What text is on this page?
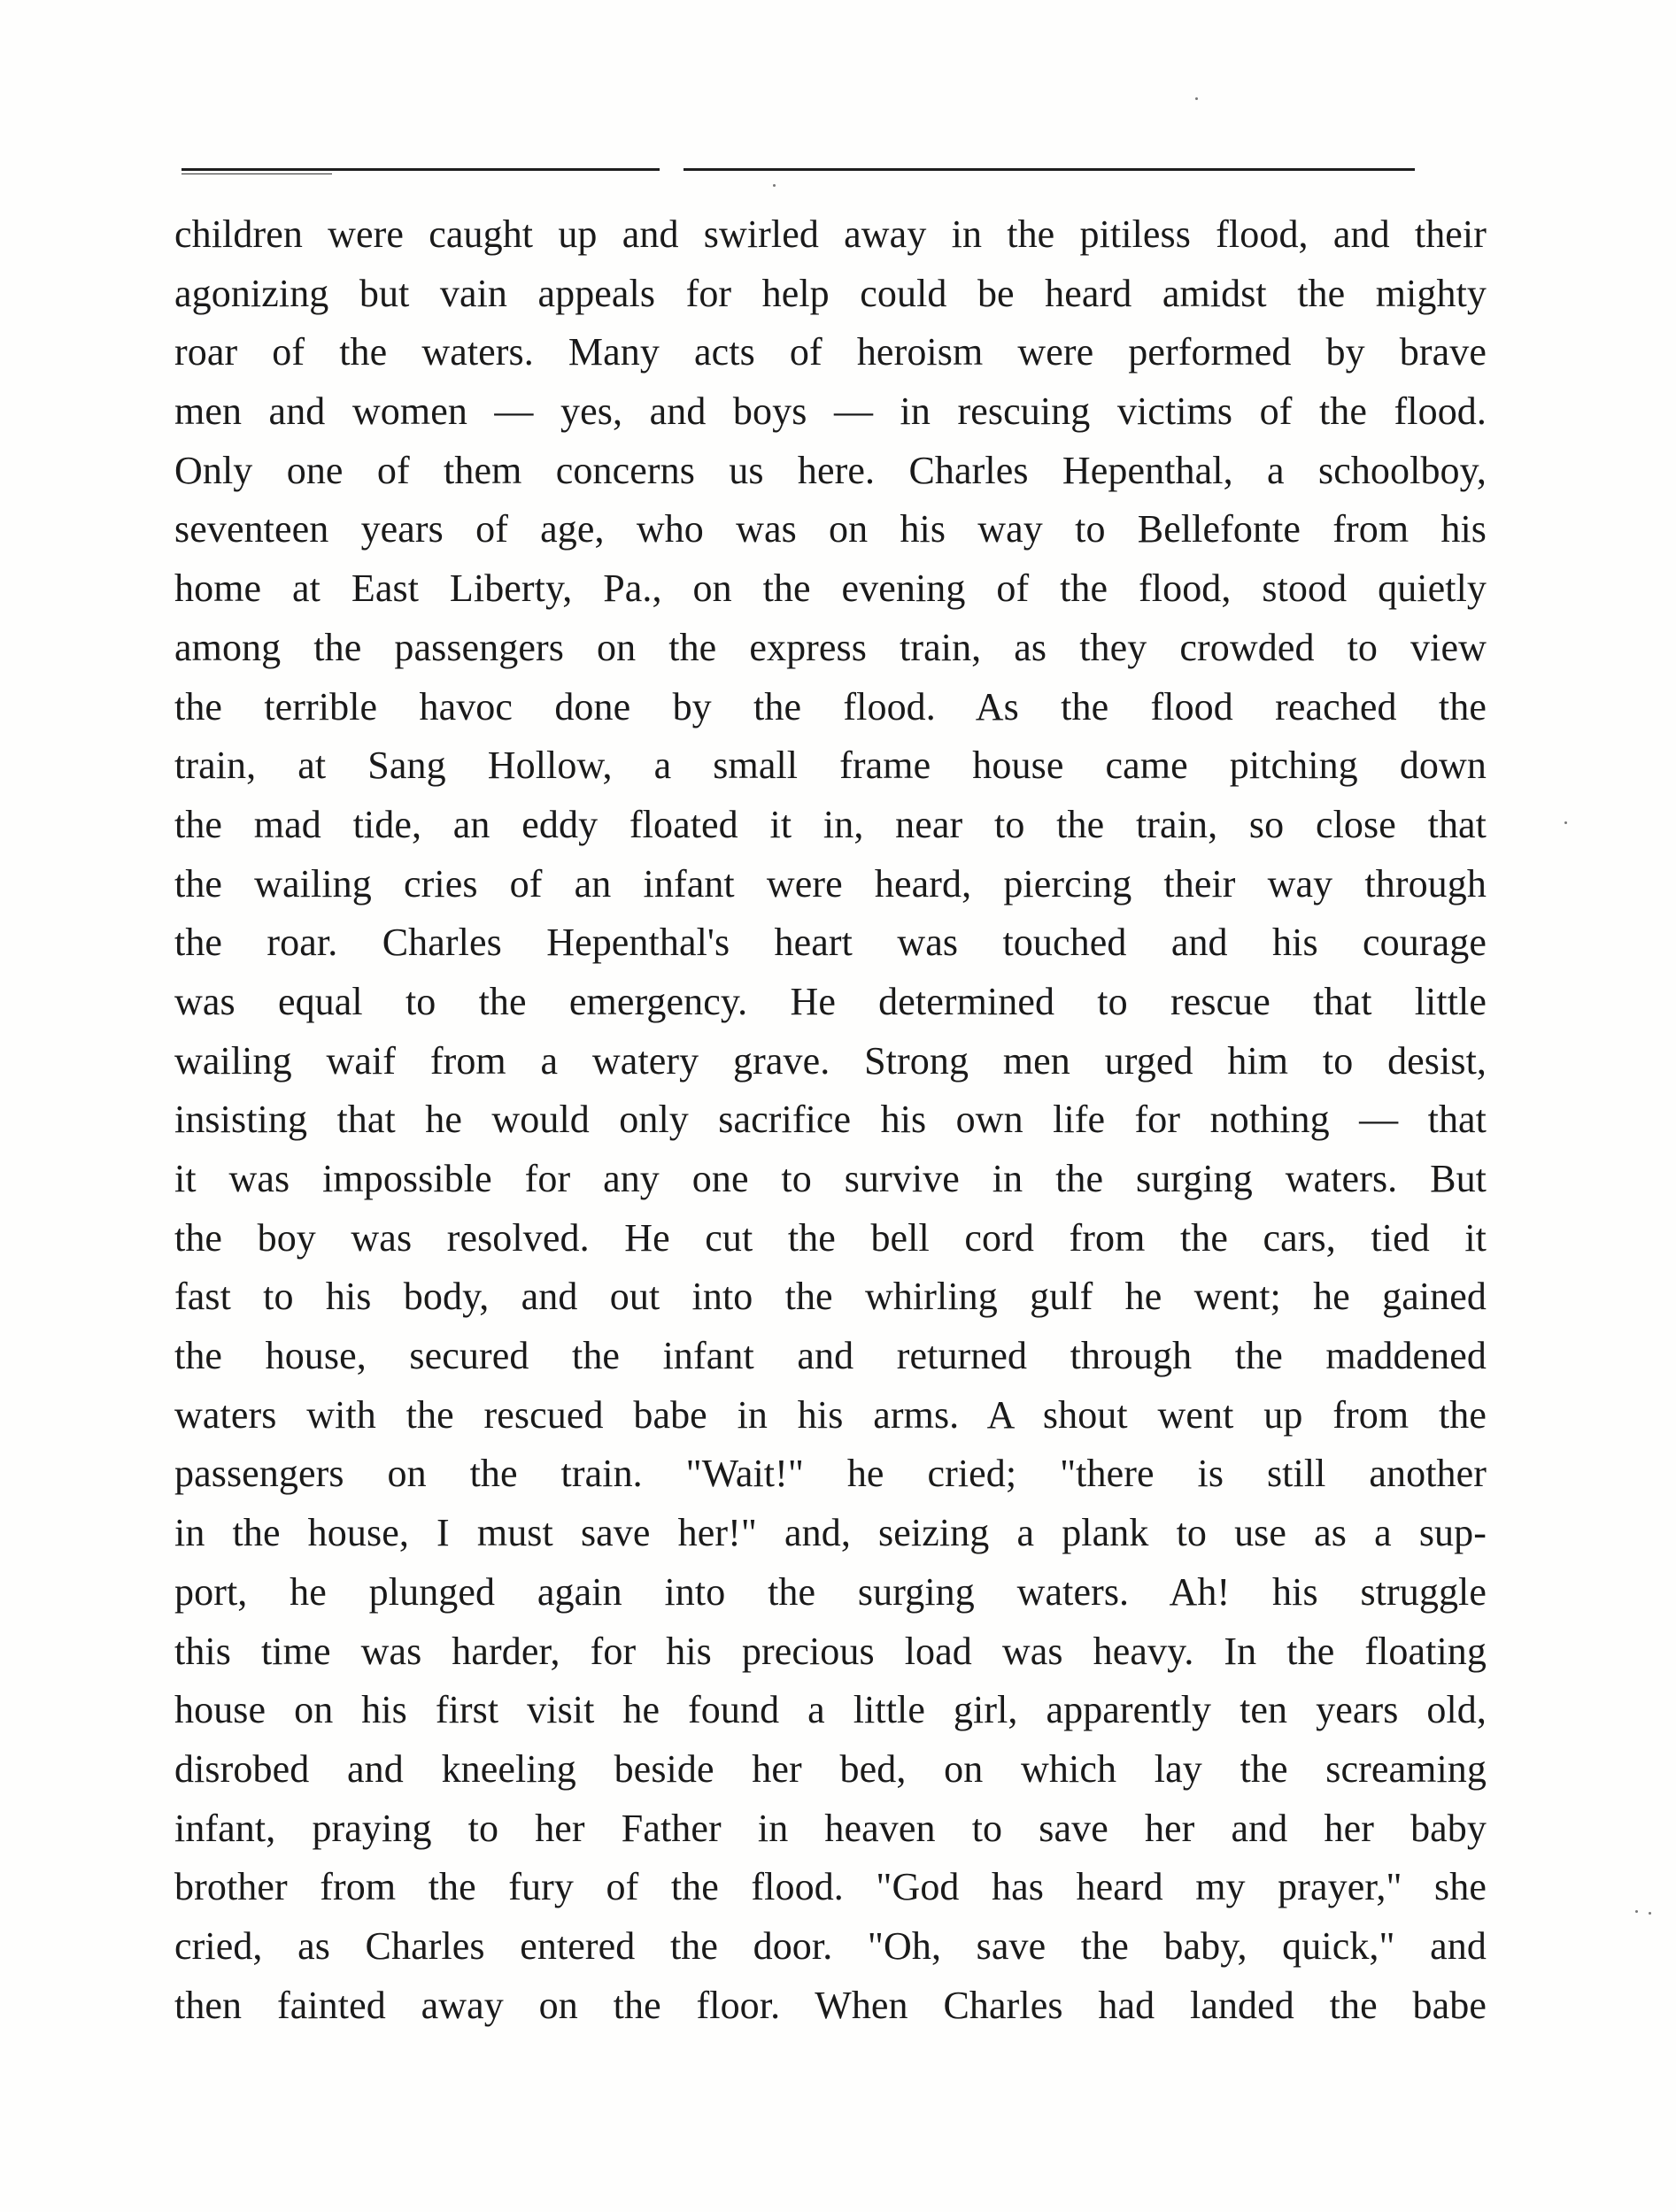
children were caught up and swirled away in the pitiless flood, and their
agonizing but vain appeals for help could be heard amidst the mighty
roar of the waters. Many acts of heroism were performed by brave
men and women — yes, and boys — in rescuing victims of the flood.
Only one of them concerns us here. Charles Hepenthal, a schoolboy,
seventeen years of age, who was on his way to Bellefonte from his
home at East Liberty, Pa., on the evening of the flood, stood quietly
among the passengers on the express train, as they crowded to view
the terrible havoc done by the flood. As the flood reached the
train, at Sang Hollow, a small frame house came pitching down
the mad tide, an eddy floated it in, near to the train, so close that
the wailing cries of an infant were heard, piercing their way through
the roar. Charles Hepenthal's heart was touched and his courage
was equal to the emergency. He determined to rescue that little
wailing waif from a watery grave. Strong men urged him to desist,
insisting that he would only sacrifice his own life for nothing — that
it was impossible for any one to survive in the surging waters. But
the boy was resolved. He cut the bell cord from the cars, tied it
fast to his body, and out into the whirling gulf he went; he gained
the house, secured the infant and returned through the maddened
waters with the rescued babe in his arms. A shout went up from the
passengers on the train. "Wait!" he cried; "there is still another
in the house, I must save her!" and, seizing a plank to use as a sup-
port, he plunged again into the surging waters. Ah! his struggle
this time was harder, for his precious load was heavy. In the floating
house on his first visit he found a little girl, apparently ten years old,
disrobed and kneeling beside her bed, on which lay the screaming
infant, praying to her Father in heaven to save her and her baby
brother from the fury of the flood. "God has heard my prayer," she
cried, as Charles entered the door. "Oh, save the baby, quick," and
then fainted away on the floor. When Charles had landed the babe
